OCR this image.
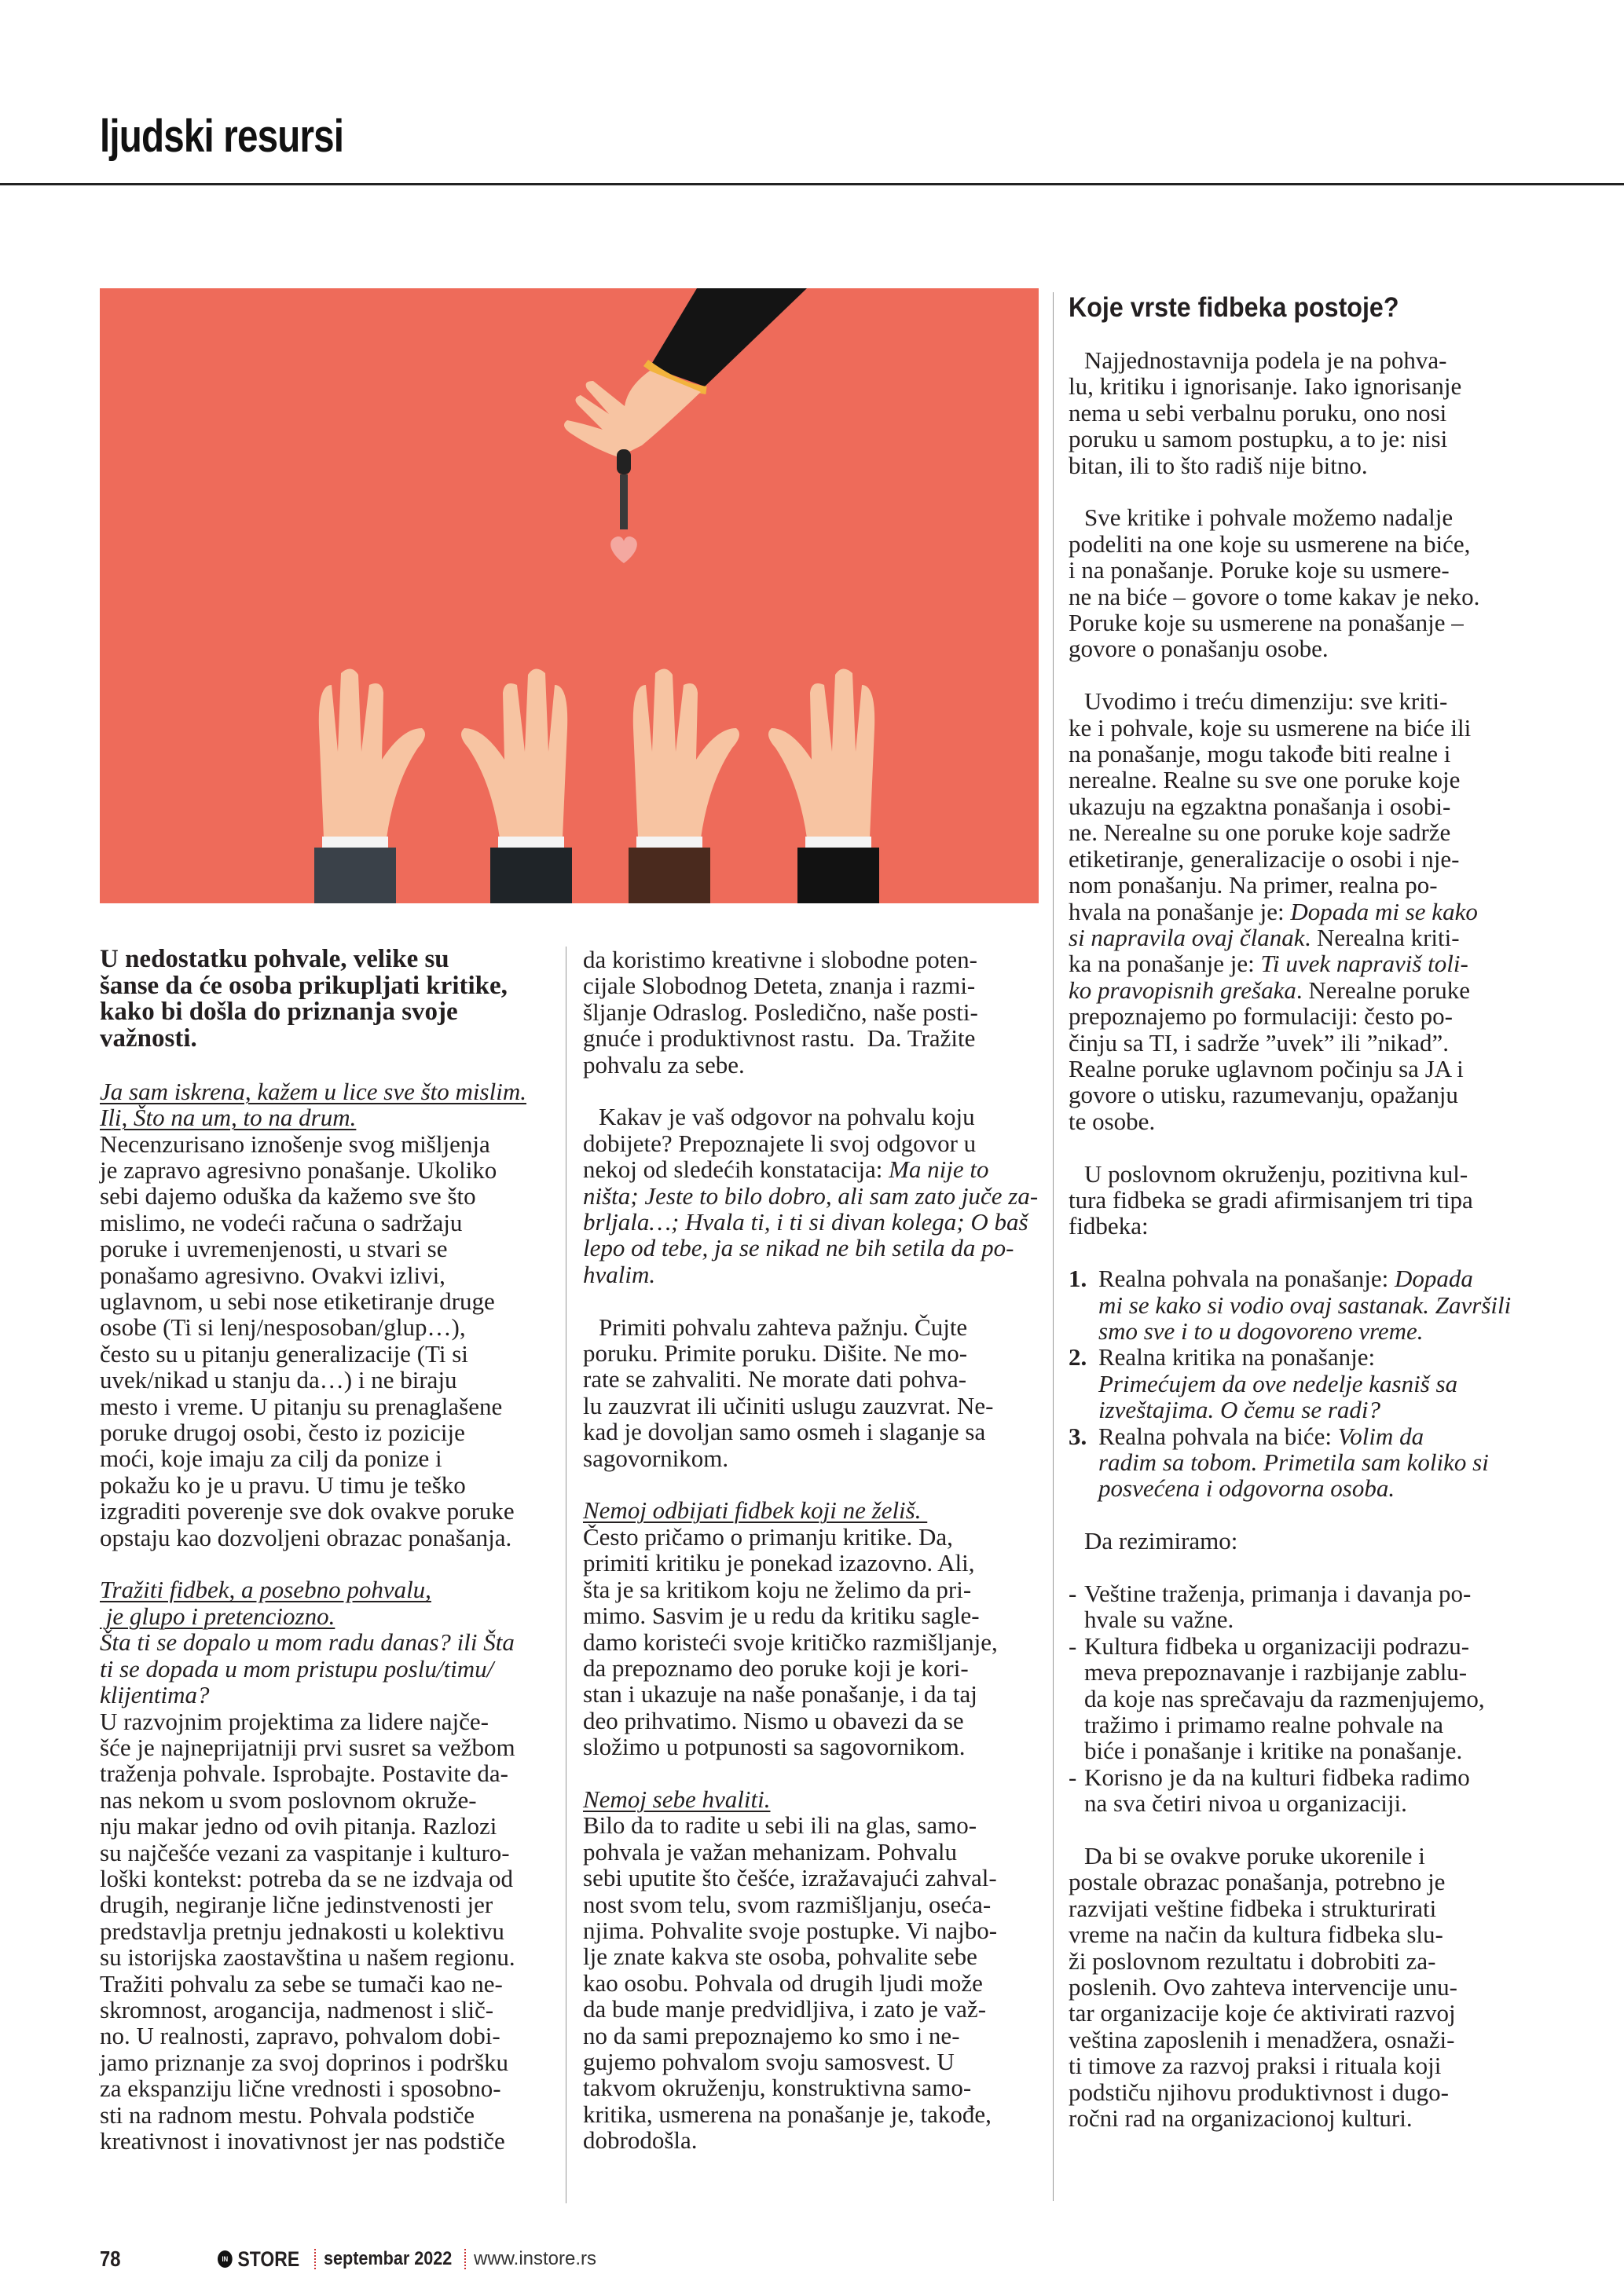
ljudski resursi
U nedostatku pohvale, velike su
šanse da će osoba prikupljati kritike,
kako bi došla do priznanja svoje
važnosti.
Ja sam iskrena, kažem u lice sve što mislim.
Ili, Što na um, to na drum.
Necenzurisano iznošenje svog mišljenja
je zapravo agresivno ponašanje. Ukoliko
sebi dajemo oduška da kažemo sve što
mislimo, ne vodeći računa o sadržaju
poruke i uvremenjenosti, u stvari se
ponašamo agresivno. Ovakvi izlivi,
uglavnom, u sebi nose etiketiranje druge
osobe (Ti si lenj/nesposoban/glup…),
često su u pitanju generalizacije (Ti si
uvek/nikad u stanju da…) i ne biraju
mesto i vreme. U pitanju su prenaglašene
poruke drugoj osobi, često iz pozicije
moći, koje imaju za cilj da ponize i
pokažu ko je u pravu. U timu je teško
izgraditi poverenje sve dok ovakve poruke
opstaju kao dozvoljeni obrazac ponašanja.
Tražiti fidbek, a posebno pohvalu,
je glupo i pretenciozno.
Šta ti se dopalo u mom radu danas? ili Šta
ti se dopada u mom pristupu poslu/timu/
klijentima?
U razvojnim projektima za lidere najče-
šće je najneprijatniji prvi susret sa vežbom
traženja pohvale. Isprobajte. Postavite da-
nas nekom u svom poslovnom okruže-
nju makar jedno od ovih pitanja. Razlozi
su najčešće vezani za vaspitanje i kulturo-
loški kontekst: potreba da se ne izdvaja od
drugih, negiranje lične jedinstvenosti jer
predstavlja pretnju jednakosti u kolektivu
su istorijska zaostavština u našem regionu.
Tražiti pohvalu za sebe se tumači kao ne-
skromnost, arogancija, nadmenost i slič-
no. U realnosti, zapravo, pohvalom dobi-
jamo priznanje za svoj doprinos i podršku
za ekspanziju lične vrednosti i sposobno-
sti na radnom mestu. Pohvala podstiče
kreativnost i inovativnost jer nas podstiče
da koristimo kreativne i slobodne poten-
cijale Slobodnog Deteta, znanja i razmi-
šljanje Odraslog. Posledično, naše posti-
gnuće i produktivnost rastu.  Da. Tražite
pohvalu za sebe.
Kakav je vaš odgovor na pohvalu koju
dobijete? Prepoznajete li svoj odgovor u
nekoj od sledećih konstatacija: Ma nije to
ništa; Jeste to bilo dobro, ali sam zato juče za-
brljala…; Hvala ti, i ti si divan kolega; O baš
lepo od tebe, ja se nikad ne bih setila da po-
hvalim.
Primiti pohvalu zahteva pažnju. Čujte
poruku. Primite poruku. Dišite. Ne mo-
rate se zahvaliti. Ne morate dati pohva-
lu zauzvrat ili učiniti uslugu zauzvrat. Ne-
kad je dovoljan samo osmeh i slaganje sa
sagovornikom.
Nemoj odbijati fidbek koji ne želiš.
Često pričamo o primanju kritike. Da,
primiti kritiku je ponekad izazovno. Ali,
šta je sa kritikom koju ne želimo da pri-
mimo. Sasvim je u redu da kritiku sagle-
damo koristeći svoje kritičko razmišljanje,
da prepoznamo deo poruke koji je kori-
stan i ukazuje na naše ponašanje, i da taj
deo prihvatimo. Nismo u obavezi da se
složimo u potpunosti sa sagovornikom.
Nemoj sebe hvaliti.
Bilo da to radite u sebi ili na glas, samo-
pohvala je važan mehanizam. Pohvalu
sebi uputite što češće, izražavajući zahval-
nost svom telu, svom razmišljanju, oseća-
njima. Pohvalite svoje postupke. Vi najbo-
lje znate kakva ste osoba, pohvalite sebe
kao osobu. Pohvala od drugih ljudi može
da bude manje predvidljiva, i zato je važ-
no da sami prepoznajemo ko smo i ne-
gujemo pohvalom svoju samosvest. U
takvom okruženju, konstruktivna samo-
kritika, usmerena na ponašanje je, takođe,
dobrodošla.
Koje vrste fidbeka postoje?
Najjednostavnija podela je na pohva-
lu, kritiku i ignorisanje. Iako ignorisanje
nema u sebi verbalnu poruku, ono nosi
poruku u samom postupku, a to je: nisi
bitan, ili to što radiš nije bitno.
Sve kritike i pohvale možemo nadalje
podeliti na one koje su usmerene na biće,
i na ponašanje. Poruke koje su usmere-
ne na biće – govore o tome kakav je neko.
Poruke koje su usmerene na ponašanje –
govore o ponašanju osobe.
Uvodimo i treću dimenziju: sve kriti-
ke i pohvale, koje su usmerene na biće ili
na ponašanje, mogu takođe biti realne i
nerealne. Realne su sve one poruke koje
ukazuju na egzaktna ponašanja i osobi-
ne. Nerealne su one poruke koje sadrže
etiketiranje, generalizacije o osobi i nje-
nom ponašanju. Na primer, realna po-
hvala na ponašanje je: Dopada mi se kako
si napravila ovaj članak. Nerealna kriti-
ka na ponašanje je: Ti uvek napraviš toli-
ko pravopisnih grešaka. Nerealne poruke
prepoznajemo po formulaciji: često po-
činju sa TI, i sadrže ”uvek” ili ”nikad”.
Realne poruke uglavnom počinju sa JA i
govore o utisku, razumevanju, opažanju
te osobe.
U poslovnom okruženju, pozitivna kul-
tura fidbeka se gradi afirmisanjem tri tipa
fidbeka:
1. Realna pohvala na ponašanje: Dopada
mi se kako si vodio ovaj sastanak. Završili
smo sve i to u dogovoreno vreme.
2. Realna kritika na ponašanje:
Primećujem da ove nedelje kasniš sa
izveštajima. O čemu se radi?
3. Realna pohvala na biće: Volim da
radim sa tobom. Primetila sam koliko si
posvećena i odgovorna osoba.
Da rezimiramo:
- Veštine traženja, primanja i davanja po-
hvale su važne.
- Kultura fidbeka u organizaciji podrazu-
meva prepoznavanje i razbijanje zablu-
da koje nas sprečavaju da razmenjujemo,
tražimo i primamo realne pohvale na
biće i ponašanje i kritike na ponašanje.
- Korisno je da na kulturi fidbeka radimo
na sva četiri nivoa u organizaciji.
Da bi se ovakve poruke ukorenile i
postale obrazac ponašanja, potrebno je
razvijati veštine fidbeka i strukturirati
vreme na način da kultura fidbeka slu-
ži poslovnom rezultatu i dobrobiti za-
poslenih. Ovo zahteva intervencije unu-
tar organizacije koje će aktivirati razvoj
veština zaposlenih i menadžera, osnaži-
ti timove za razvoj praksi i rituala koji
podstiču njihovu produktivnost i dugo-
ročni rad na organizacionoj kulturi.
78	IN STORE septembar 2022 www.instore.rs
